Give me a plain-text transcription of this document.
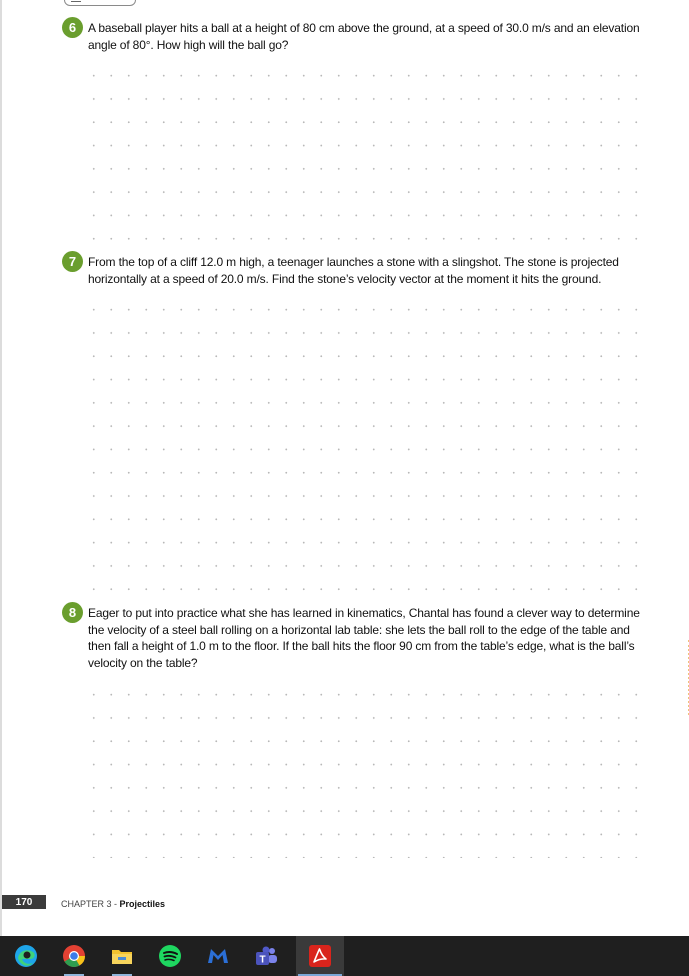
6 A baseball player hits a ball at a height of 80 cm above the ground, at a speed of 30.0 m/s and an elevation angle of 80°. How high will the ball go?
7 From the top of a cliff 12.0 m high, a teenager launches a stone with a slingshot. The stone is projected horizontally at a speed of 20.0 m/s. Find the stone’s velocity vector at the moment it hits the ground.
8 Eager to put into practice what she has learned in kinematics, Chantal has found a clever way to determine the velocity of a steel ball rolling on a horizontal lab table: she lets the ball roll to the edge of the table and then fall a height of 1.0 m to the floor. If the ball hits the floor 90 cm from the table’s edge, what is the ball’s velocity on the table?
170	CHAPTER 3 - Projectiles
T
